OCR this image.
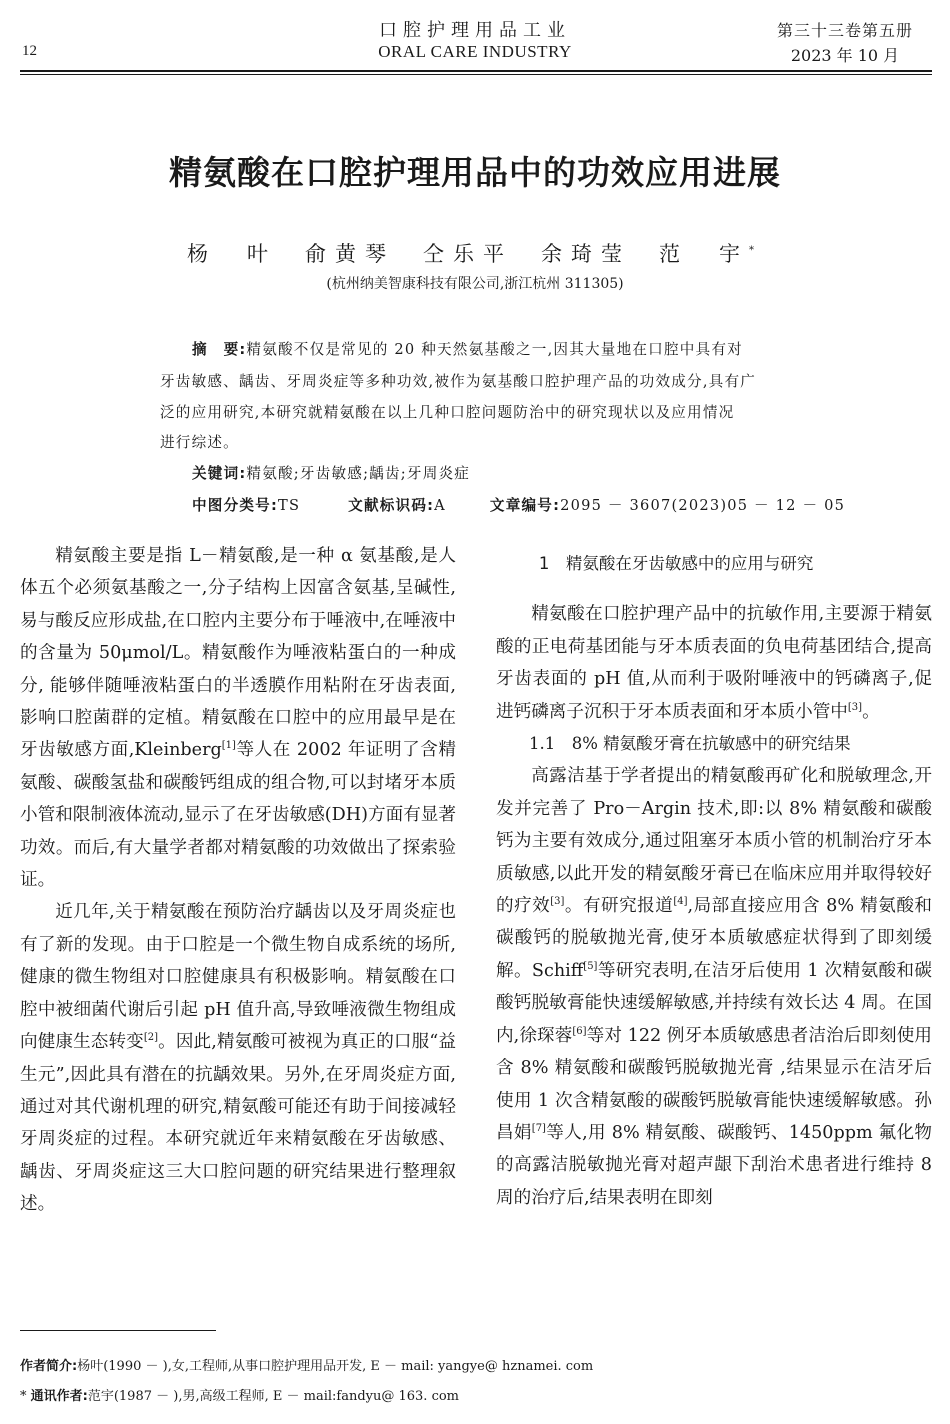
12
口腔护理用品工业
ORAL CARE INDUSTRY
第三十三卷第五册
2023 年 10 月
精氨酸在口腔护理用品中的功效应用进展
杨　叶 俞黄琴 仝乐平 余琦莹 范　宇*
(杭州纳美智康科技有限公司,浙江杭州 311305)
摘　要:精氨酸不仅是常见的 20 种天然氨基酸之一,因其大量地在口腔中具有对
牙齿敏感、龋齿、牙周炎症等多种功效,被作为氨基酸口腔护理产品的功效成分,具有广
泛的应用研究,本研究就精氨酸在以上几种口腔问题防治中的研究现状以及应用情况
进行综述。
关键词:精氨酸;牙齿敏感;龋齿;牙周炎症
中图分类号:TS	文献标识码:A	文章编号:2095 － 3607(2023)05 － 12 － 05

精氨酸主要是指 L－精氨酸,是一种 α 氨基酸,是人体五个必须氨基酸之一,分子结构上因富含氨基,呈碱性,易与酸反应形成盐,在口腔内主要分布于唾液中,在唾液中的含量为 50μmol/L。精氨酸作为唾液粘蛋白的一种成分, 能够伴随唾液粘蛋白的半透膜作用粘附在牙齿表面,影响口腔菌群的定植。精氨酸在口腔中的应用最早是在牙齿敏感方面,Kleinberg[1]等人在 2002 年证明了含精氨酸、碳酸氢盐和碳酸钙组成的组合物,可以封堵牙本质小管和限制液体流动,显示了在牙齿敏感(DH)方面有显著功效。而后,有大量学者都对精氨酸的功效做出了探索验证。

近几年,关于精氨酸在预防治疗龋齿以及牙周炎症也有了新的发现。由于口腔是一个微生物自成系统的场所,健康的微生物组对口腔健康具有积极影响。精氨酸在口腔中被细菌代谢后引起 pH 值升高,导致唾液微生物组成向健康生态转变[2]。因此,精氨酸可被视为真正的口服“益生元”,因此具有潜在的抗龋效果。另外,在牙周炎症方面,通过对其代谢机理的研究,精氨酸可能还有助于间接减轻牙周炎症的过程。本研究就近年来精氨酸在牙齿敏感、龋齿、牙周炎症这三大口腔问题的研究结果进行整理叙述。

1　精氨酸在牙齿敏感中的应用与研究

精氨酸在口腔护理产品中的抗敏作用,主要源于精氨酸的正电荷基团能与牙本质表面的负电荷基团结合,提高牙齿表面的 pH 值,从而利于吸附唾液中的钙磷离子,促进钙磷离子沉积于牙本质表面和牙本质小管中[3]。

1.1　8% 精氨酸牙膏在抗敏感中的研究结果

高露洁基于学者提出的精氨酸再矿化和脱敏理念,开发并完善了 Pro－Argin 技术,即:以 8% 精氨酸和碳酸钙为主要有效成分,通过阻塞牙本质小管的机制治疗牙本质敏感,以此开发的精氨酸牙膏已在临床应用并取得较好的疗效[3]。有研究报道[4],局部直接应用含 8% 精氨酸和碳酸钙的脱敏抛光膏,使牙本质敏感症状得到了即刻缓解。Schiff[5]等研究表明,在洁牙后使用 1 次精氨酸和碳酸钙脱敏膏能快速缓解敏感,并持续有效长达 4 周。在国内,徐琛蓉[6]等对 122 例牙本质敏感患者洁治后即刻使用含 8% 精氨酸和碳酸钙脱敏抛光膏 ,结果显示在洁牙后使用 1 次含精氨酸的碳酸钙脱敏膏能快速缓解敏感。孙昌娟[7]等人,用 8% 精氨酸、碳酸钙、1450ppm 氟化物的高露洁脱敏抛光膏对超声龈下刮治术患者进行维持 8 周的治疗后,结果表明在即刻

作者简介:杨叶(1990 － ),女,工程师,从事口腔护理用品开发, E － mail: yangye@ hznamei. com
* 通讯作者:范宇(1987 － ),男,高级工程师, E － mail:fandyu@ 163. com
